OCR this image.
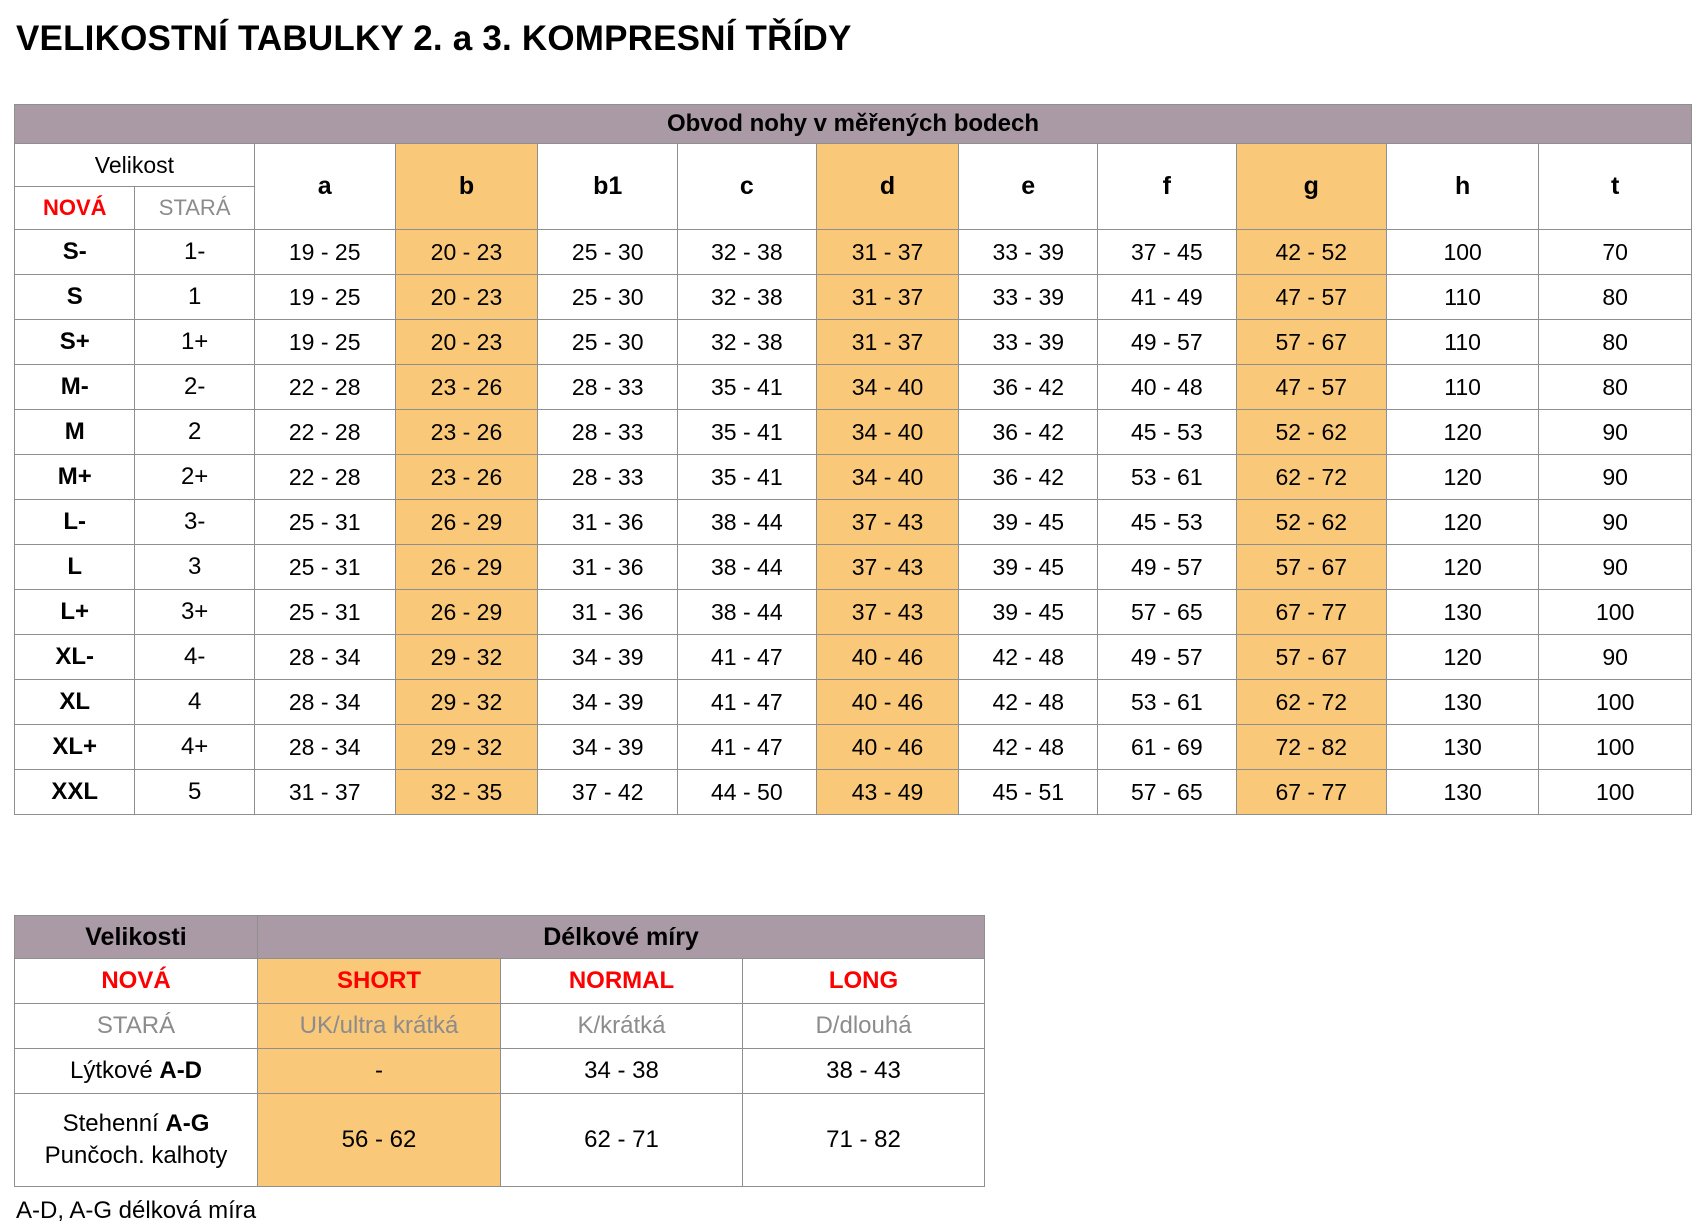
VELIKOSTNÍ TABULKY 2. a 3. KOMPRESNÍ TŘÍDY
Obvod nohy v měřených bodech											
Velikost		a	b	b1	c	d	e	f	g	h	t
NOVÁ	STARÁ										
S-	1-	19 - 25	20 - 23	25 - 30	32 - 38	31 - 37	33 - 39	37 - 45	42 - 52	100	70
S	1	19 - 25	20 - 23	25 - 30	32 - 38	31 - 37	33 - 39	41 - 49	47 - 57	110	80
S+	1+	19 - 25	20 - 23	25 - 30	32 - 38	31 - 37	33 - 39	49 - 57	57 - 67	110	80
M-	2-	22 - 28	23 - 26	28 - 33	35 - 41	34 - 40	36 - 42	40 - 48	47 - 57	110	80
M	2	22 - 28	23 - 26	28 - 33	35 - 41	34 - 40	36 - 42	45 - 53	52 - 62	120	90
M+	2+	22 - 28	23 - 26	28 - 33	35 - 41	34 - 40	36 - 42	53 - 61	62 - 72	120	90
L-	3-	25 - 31	26 - 29	31 - 36	38 - 44	37 - 43	39 - 45	45 - 53	52 - 62	120	90
L	3	25 - 31	26 - 29	31 - 36	38 - 44	37 - 43	39 - 45	49 - 57	57 - 67	120	90
L+	3+	25 - 31	26 - 29	31 - 36	38 - 44	37 - 43	39 - 45	57 - 65	67 - 77	130	100
XL-	4-	28 - 34	29 - 32	34 - 39	41 - 47	40 - 46	42 - 48	49 - 57	57 - 67	120	90
XL	4	28 - 34	29 - 32	34 - 39	41 - 47	40 - 46	42 - 48	53 - 61	62 - 72	130	100
XL+	4+	28 - 34	29 - 32	34 - 39	41 - 47	40 - 46	42 - 48	61 - 69	72 - 82	130	100
XXL	5	31 - 37	32 - 35	37 - 42	44 - 50	43 - 49	45 - 51	57 - 65	67 - 77	130	100
Velikosti	Délkové míry		
NOVÁ	SHORT	NORMAL	LONG
STARÁ	UK/ultra krátká	K/krátká	D/dlouhá
Lýtkové A-D	-	34 - 38	38 - 43

Stehenní A-G
Punčoch. kalhoty	56 - 62	62 - 71	71 - 82
A-D, A-G délková míra
